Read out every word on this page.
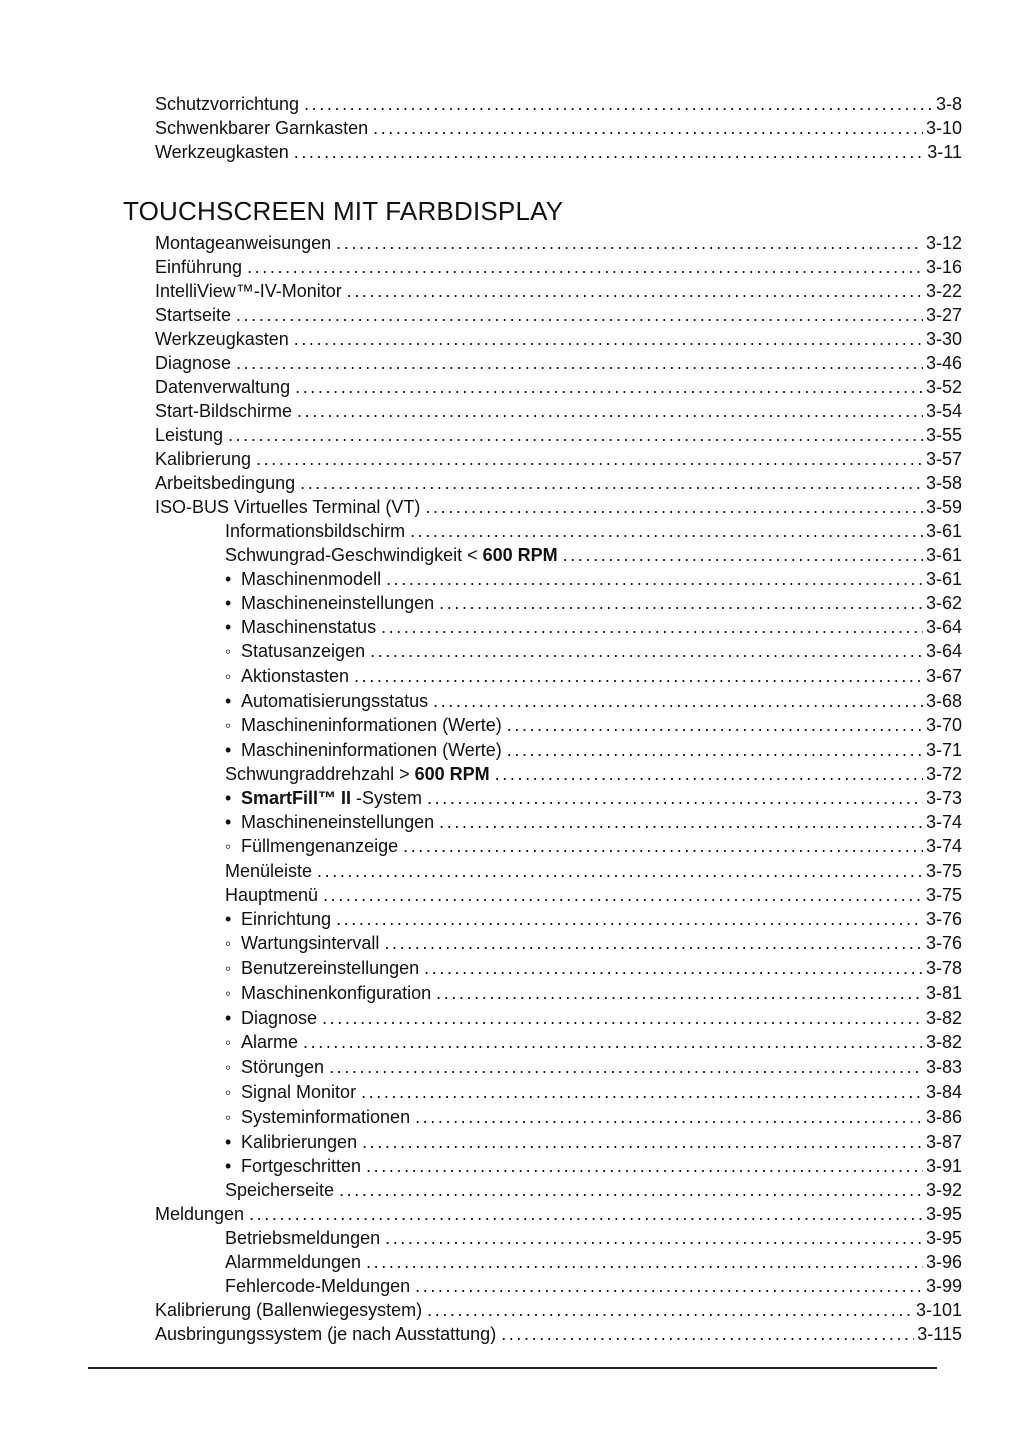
Schutzvorrichtung .....	3-8
Schwenkbarer Garnkasten .....	3-10
Werkzeugkasten .....	3-11
TOUCHSCREEN MIT FARBDISPLAY
Montageanweisungen .....	3-12
Einführung .....	3-16
IntelliView™-IV-Monitor .....	3-22
Startseite .....	3-27
Werkzeugkasten .....	3-30
Diagnose .....	3-46
Datenverwaltung .....	3-52
Start-Bildschirme .....	3-54
Leistung .....	3-55
Kalibrierung .....	3-57
Arbeitsbedingung .....	3-58
ISO-BUS Virtuelles Terminal (VT) .....	3-59
Informationsbildschirm .....	3-61
Schwungrad-Geschwindigkeit < 600 RPM .....	3-61
• Maschinenmodell .....	3-61
• Maschineneinstellungen .....	3-62
• Maschinenstatus .....	3-64
◦ Statusanzeigen .....	3-64
◦ Aktionstasten .....	3-67
• Automatisierungsstatus .....	3-68
◦ Maschineninformationen (Werte) .....	3-70
• Maschineninformationen (Werte) .....	3-71
Schwungraddrehzahl > 600 RPM .....	3-72
• SmartFill™ II -System .....	3-73
• Maschineneinstellungen .....	3-74
◦ Füllmengenanzeige .....	3-74
Menüleiste .....	3-75
Hauptmenü .....	3-75
• Einrichtung .....	3-76
◦ Wartungsintervall .....	3-76
◦ Benutzereinstellungen .....	3-78
◦ Maschinenkonfiguration .....	3-81
• Diagnose .....	3-82
◦ Alarme .....	3-82
◦ Störungen .....	3-83
◦ Signal Monitor .....	3-84
◦ Systeminformationen .....	3-86
• Kalibrierungen .....	3-87
• Fortgeschritten .....	3-91
Speicherseite .....	3-92
Meldungen .....	3-95
Betriebsmeldungen .....	3-95
Alarmmeldungen .....	3-96
Fehlercode-Meldungen .....	3-99
Kalibrierung (Ballenwiegesystem) .....	3-101
Ausbringungssystem (je nach Ausstattung) .....	3-115
